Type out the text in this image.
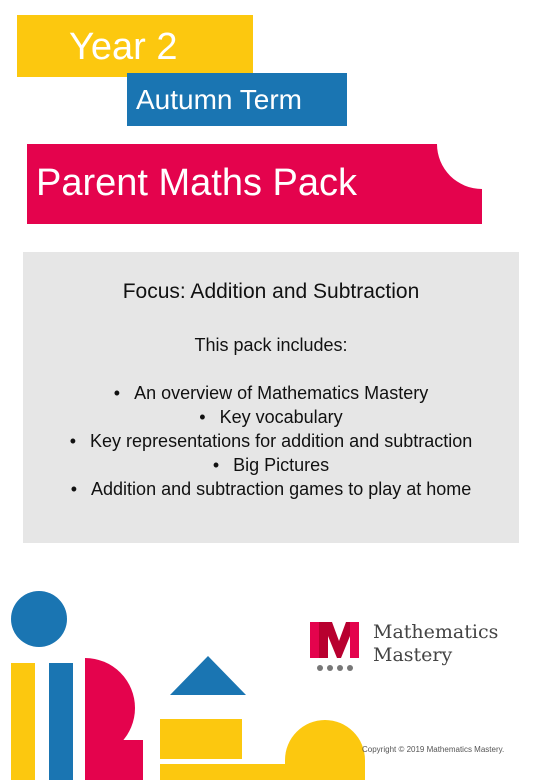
Year 2
Autumn Term
Parent Maths Pack
Focus: Addition and Subtraction
This pack includes:
• An overview of Mathematics Mastery
• Key vocabulary
• Key representations for addition and subtraction
• Big Pictures
• Addition and subtraction games to play at home
Mathematics
Mastery
Copyright © 2019 Mathematics Mastery.
